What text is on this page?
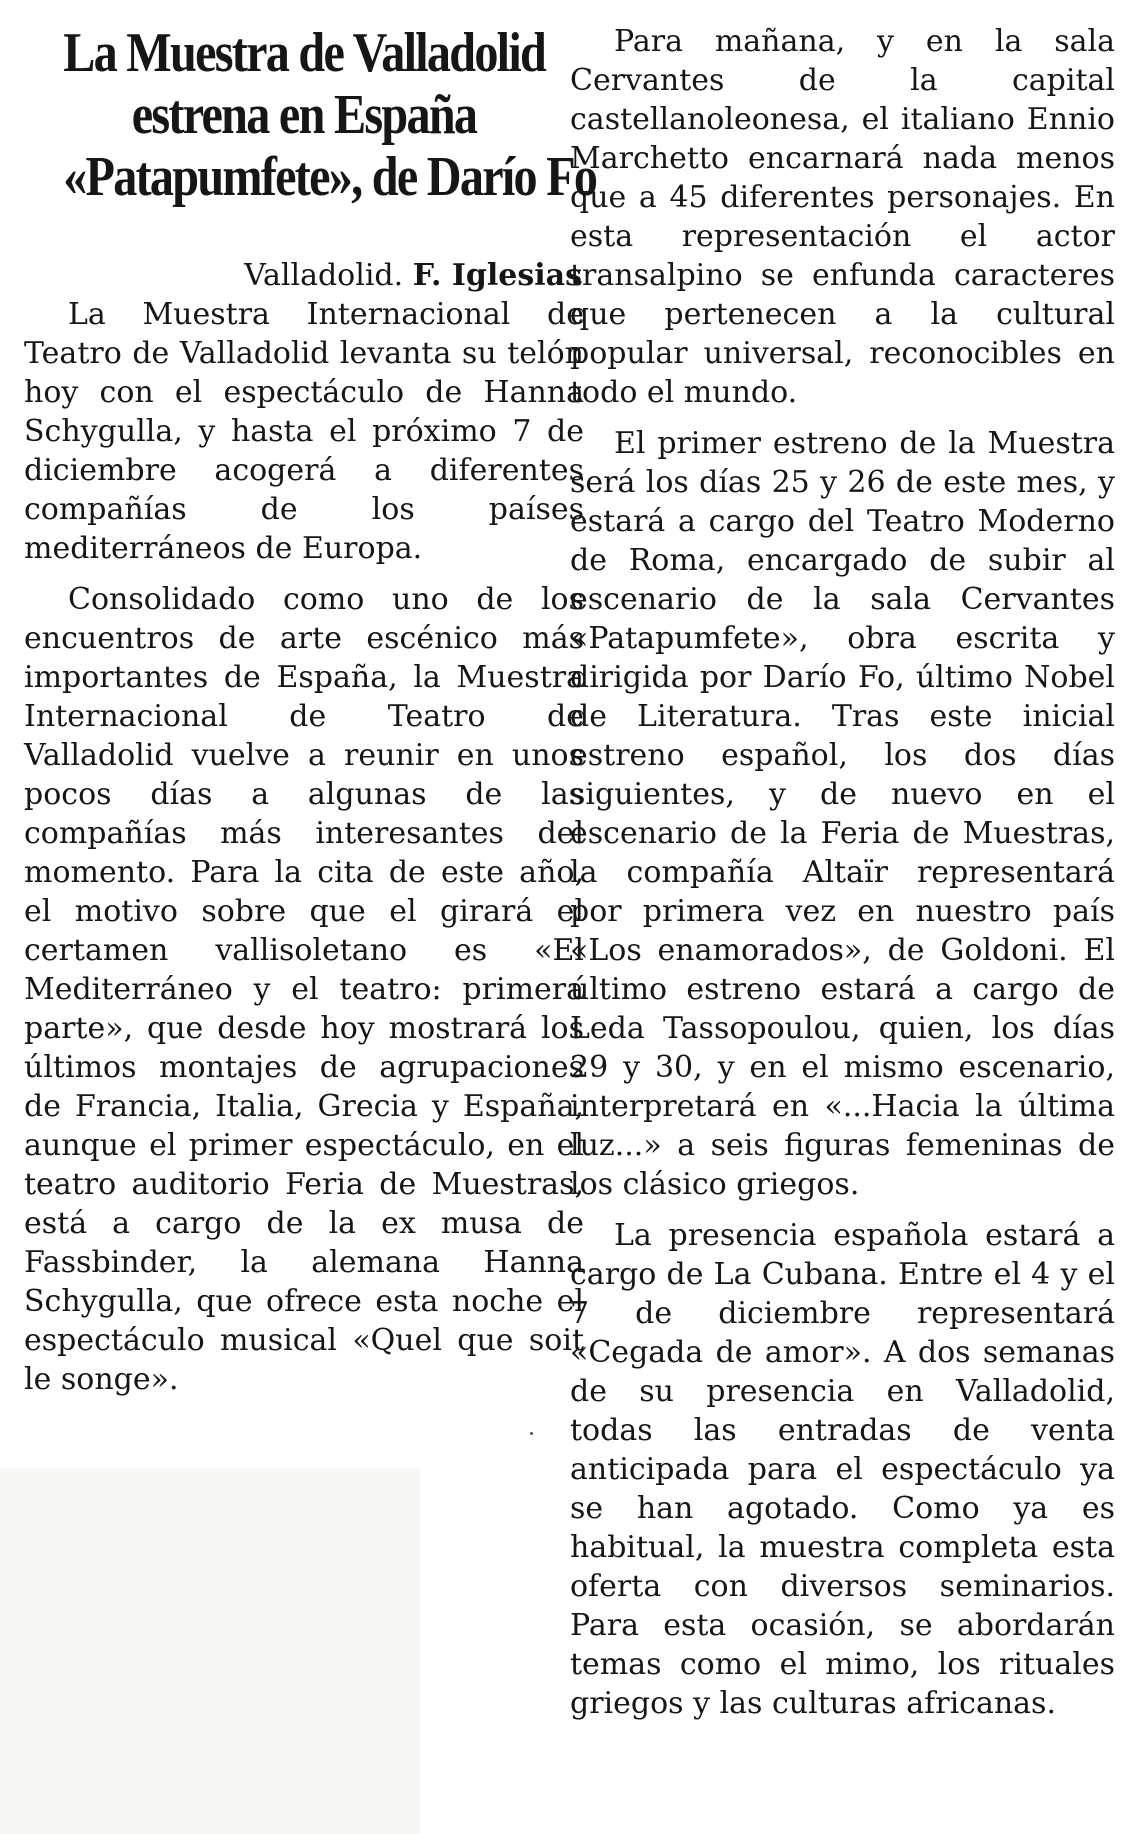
La Muestra de Valladolid
estrena en España
«Patapumfete», de Darío Fo
Valladolid. F. Iglesias

La Muestra Internacional de Teatro de Valladolid levanta su telón hoy con el espectáculo de Hanna Schygulla, y hasta el próximo 7 de diciembre acogerá a diferentes compañías de los países mediterráneos de Europa.

Consolidado como uno de los encuentros de arte escénico más importantes de España, la Muestra Internacional de Teatro de Valladolid vuelve a reunir en unos pocos días a algunas de las compañías más interesantes del momento. Para la cita de este año, el motivo sobre que el girará el certamen vallisoletano es «El Mediterráneo y el teatro: primera parte», que desde hoy mostrará los últimos montajes de agrupaciones de Francia, Italia, Grecia y España, aunque el primer espectáculo, en el teatro auditorio Feria de Muestras, está a cargo de la ex musa de Fassbinder, la alemana Hanna Schygulla, que ofrece esta noche el espectáculo musical «Quel que soit le songe».

Para mañana, y en la sala Cervantes de la capital castellanoleonesa, el italiano Ennio Marchetto encarnará nada menos que a 45 diferentes personajes. En esta representación el actor transalpino se enfunda caracteres que pertenecen a la cultural popular universal, reconocibles en todo el mundo.

El primer estreno de la Muestra será los días 25 y 26 de este mes, y estará a cargo del Teatro Moderno de Roma, encargado de subir al escenario de la sala Cervantes «Patapumfete», obra escrita y dirigida por Darío Fo, último Nobel de Literatura. Tras este inicial estreno español, los dos días siguientes, y de nuevo en el escenario de la Feria de Muestras, la compañía Altaïr representará por primera vez en nuestro país «Los enamorados», de Goldoni. El último estreno estará a cargo de Leda Tassopoulou, quien, los días 29 y 30, y en el mismo escenario, interpretará en «...Hacia la última luz...» a seis figuras femeninas de los clásico griegos.

La presencia española estará a cargo de La Cubana. Entre el 4 y el 7 de diciembre representará «Cegada de amor». A dos semanas de su presencia en Valladolid, todas las entradas de venta anticipada para el espectáculo ya se han agotado. Como ya es habitual, la muestra completa esta oferta con diversos seminarios. Para esta ocasión, se abordarán temas como el mimo, los rituales griegos y las culturas africanas.
